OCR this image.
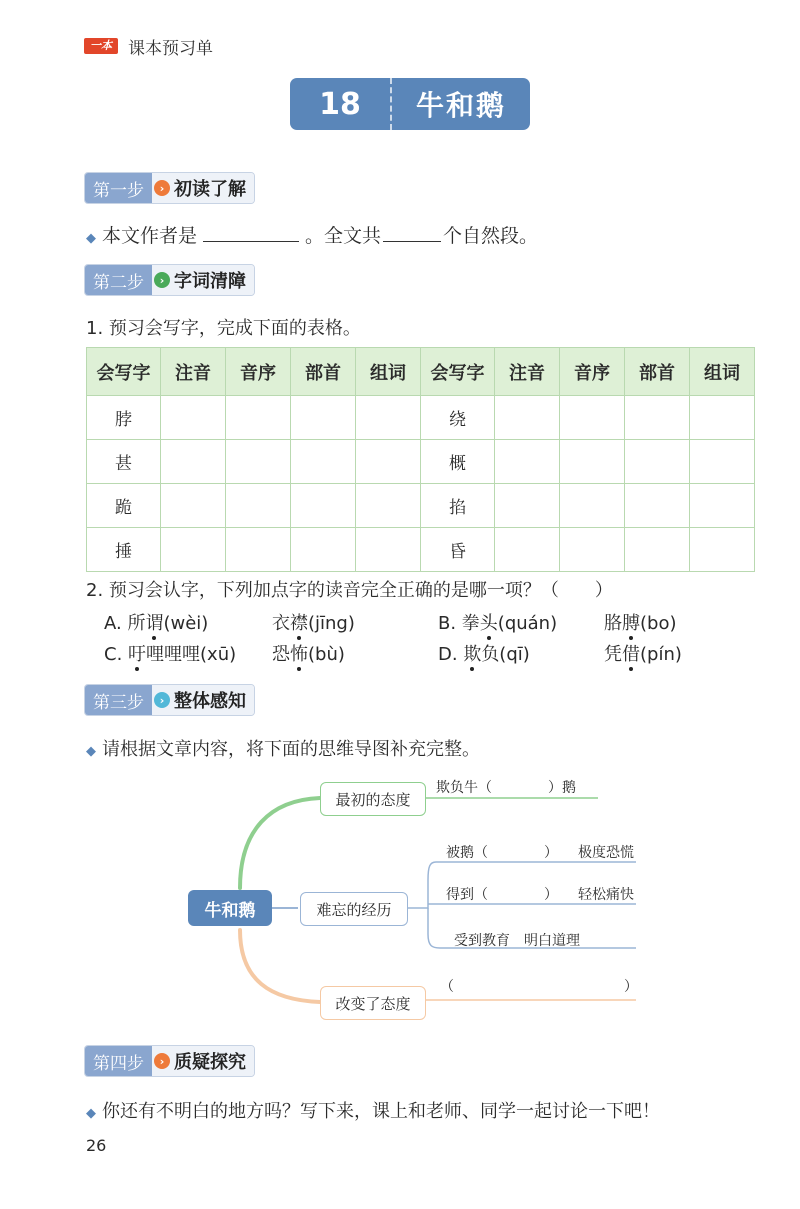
一本 课本预习单
18	牛和鹅
第一步	› 初读了解
◆ 本文作者是	。全文共	个自然段。
第二步	› 字词清障
1. 预习会写字，完成下面的表格。
会写字	注音	音序	部首	组词	会写字	注音	音序	部首	组词
脖					绕				
甚					概				
跪					掐				
捶					昏				
2. 预习会认字，下列加点字的读音完全正确的是哪一项？（　　）
A. 所谓(wèi)	衣襟(jīng)	B. 拳头(quán)	胳膊(bo)
C. 吁哩哩哩(xū) 恐怖(bù)	D. 欺负(qī)	凭借(pín)
第三步	› 整体感知
◆ 请根据文章内容，将下面的思维导图补充完整。
牛和鹅
最初的态度
难忘的经历
改变了态度
欺负牛（	）鹅
被鹅（	） 极度恐慌
得到（	） 轻松痛快
受到教育 明白道理
（	）
第四步	› 质疑探究
◆ 你还有不明白的地方吗？写下来，课上和老师、同学一起讨论一下吧！
26
